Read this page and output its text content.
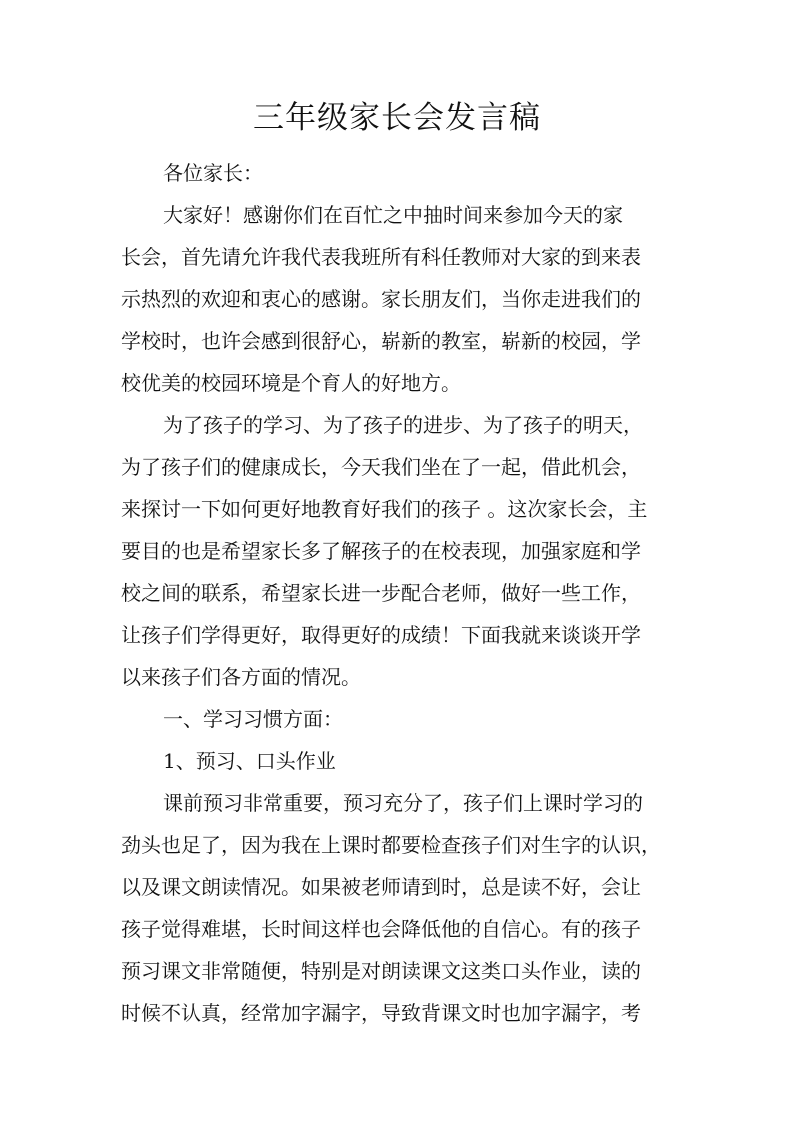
三年级家长会发言稿

各位家长：

大家好！感谢你们在百忙之中抽时间来参加今天的家

长会，首先请允许我代表我班所有科任教师对大家的到来表

示热烈的欢迎和衷心的感谢。家长朋友们，当你走进我们的

学校时，也许会感到很舒心，崭新的教室，崭新的校园，学

校优美的校园环境是个育人的好地方。

为了孩子的学习、为了孩子的进步、为了孩子的明天，

为了孩子们的健康成长，今天我们坐在了一起，借此机会，

来探讨一下如何更好地教育好我们的孩子 。这次家长会，主

要目的也是希望家长多了解孩子的在校表现，加强家庭和学

校之间的联系，希望家长进一步配合老师，做好一些工作，

让孩子们学得更好，取得更好的成绩！下面我就来谈谈开学

以来孩子们各方面的情况。

一、学习习惯方面：

1、预习、口头作业

课前预习非常重要，预习充分了，孩子们上课时学习的

劲头也足了，因为我在上课时都要检查孩子们对生字的认识，

以及课文朗读情况。如果被老师请到时，总是读不好，会让

孩子觉得难堪，长时间这样也会降低他的自信心。有的孩子

预习课文非常随便，特别是对朗读课文这类口头作业，读的

时候不认真，经常加字漏字，导致背课文时也加字漏字，考
